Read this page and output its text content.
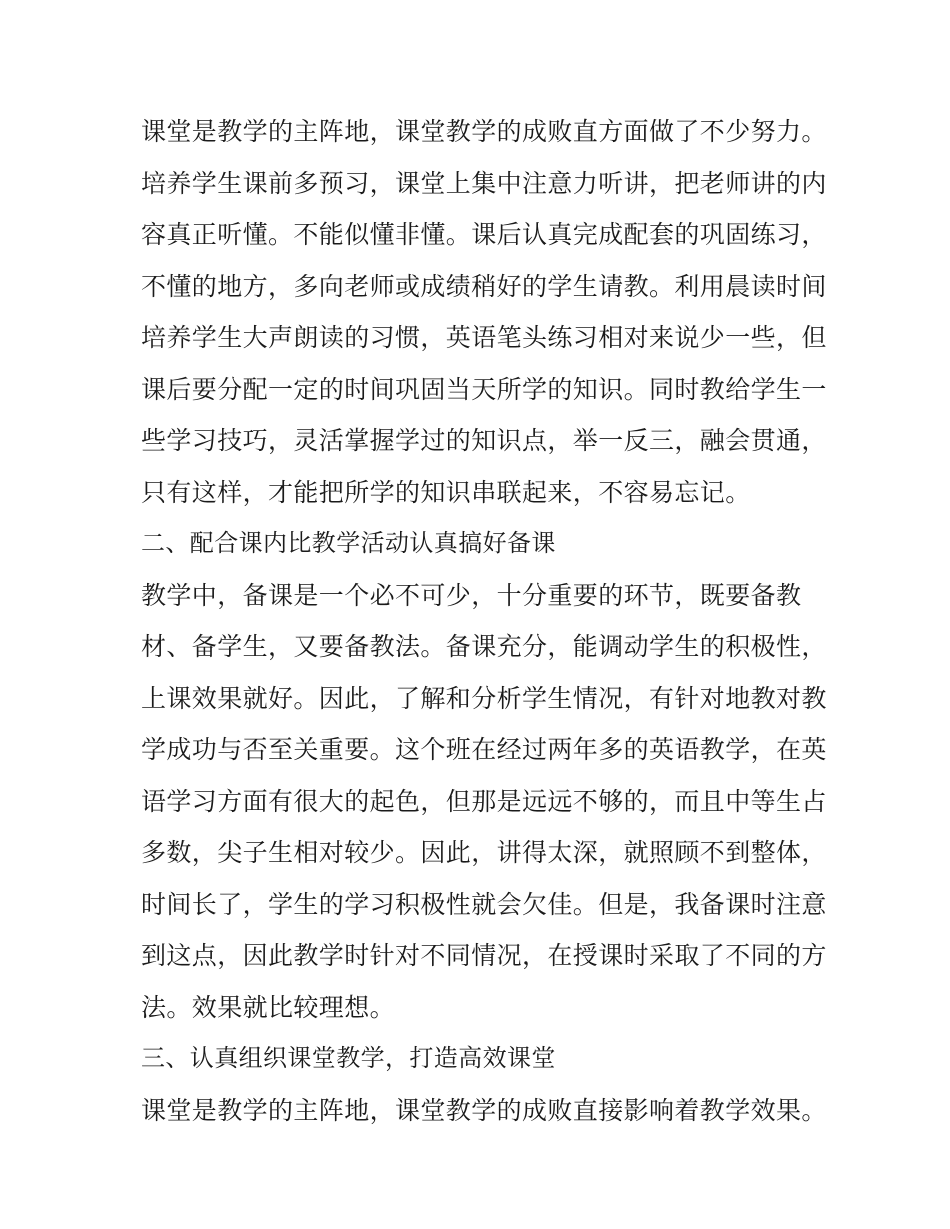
课堂是教学的主阵地，课堂教学的成败直方面做了不少努力。

培养学生课前多预习，课堂上集中注意力听讲，把老师讲的内

容真正听懂。不能似懂非懂。课后认真完成配套的巩固练习，

不懂的地方，多向老师或成绩稍好的学生请教。利用晨读时间

培养学生大声朗读的习惯，英语笔头练习相对来说少一些，但

课后要分配一定的时间巩固当天所学的知识。同时教给学生一

些学习技巧，灵活掌握学过的知识点，举一反三，融会贯通，

只有这样，才能把所学的知识串联起来，不容易忘记。

二、配合课内比教学活动认真搞好备课

教学中，备课是一个必不可少，十分重要的环节，既要备教

材、备学生，又要备教法。备课充分，能调动学生的积极性，

上课效果就好。因此，了解和分析学生情况，有针对地教对教

学成功与否至关重要。这个班在经过两年多的英语教学，在英

语学习方面有很大的起色，但那是远远不够的，而且中等生占

多数，尖子生相对较少。因此，讲得太深，就照顾不到整体，

时间长了，学生的学习积极性就会欠佳。但是，我备课时注意

到这点，因此教学时针对不同情况，在授课时采取了不同的方

法。效果就比较理想。

三、认真组织课堂教学，打造高效课堂

课堂是教学的主阵地，课堂教学的成败直接影响着教学效果。
